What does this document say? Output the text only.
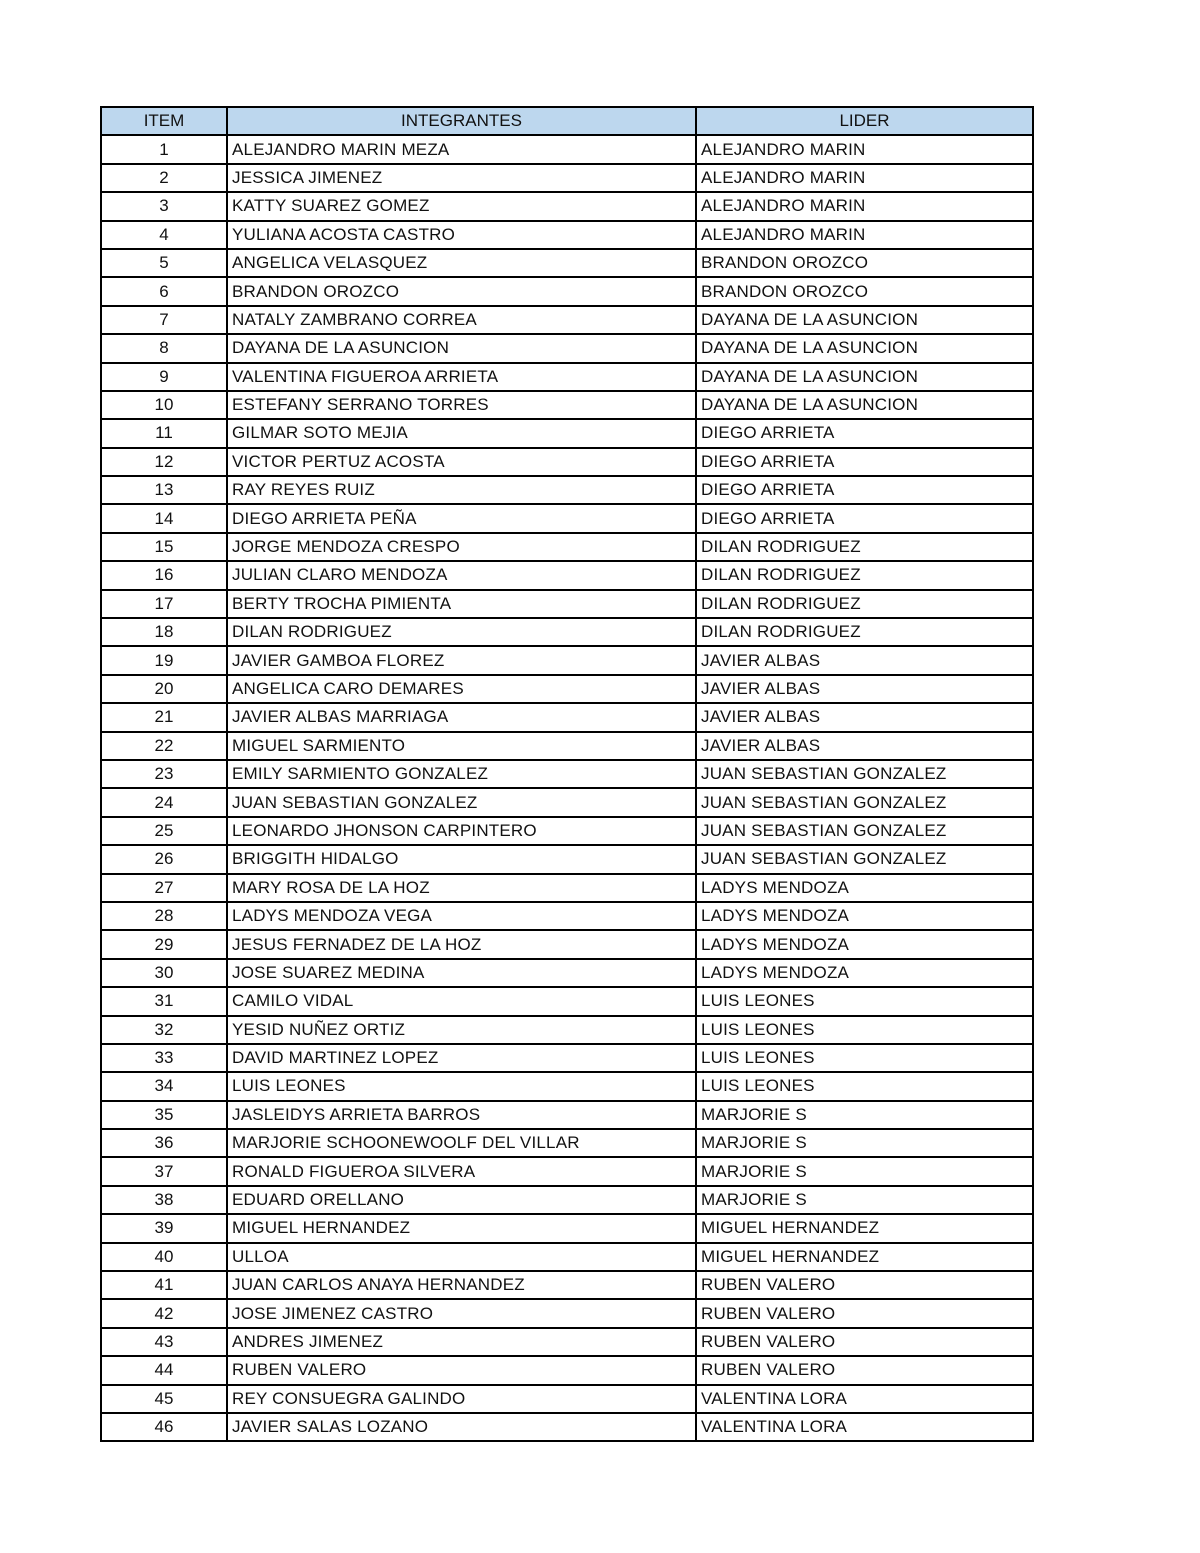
ITEM	INTEGRANTES	LIDER
1	ALEJANDRO MARIN MEZA	ALEJANDRO MARIN
2	JESSICA JIMENEZ	ALEJANDRO MARIN
3	KATTY SUAREZ GOMEZ	ALEJANDRO MARIN
4	YULIANA ACOSTA CASTRO	ALEJANDRO MARIN
5	ANGELICA VELASQUEZ	BRANDON OROZCO
6	BRANDON OROZCO	BRANDON OROZCO
7	NATALY ZAMBRANO CORREA	DAYANA DE LA ASUNCION
8	DAYANA DE LA ASUNCION	DAYANA DE LA ASUNCION
9	VALENTINA FIGUEROA ARRIETA	DAYANA DE LA ASUNCION
10	ESTEFANY SERRANO TORRES	DAYANA DE LA ASUNCION
11	GILMAR SOTO MEJIA	DIEGO ARRIETA
12	VICTOR PERTUZ ACOSTA	DIEGO ARRIETA
13	RAY REYES RUIZ	DIEGO ARRIETA
14	DIEGO ARRIETA PEÑA	DIEGO ARRIETA
15	JORGE MENDOZA CRESPO	DILAN RODRIGUEZ
16	JULIAN CLARO MENDOZA	DILAN RODRIGUEZ
17	BERTY TROCHA PIMIENTA	DILAN RODRIGUEZ
18	DILAN RODRIGUEZ	DILAN RODRIGUEZ
19	JAVIER GAMBOA FLOREZ	JAVIER ALBAS
20	ANGELICA CARO DEMARES	JAVIER ALBAS
21	JAVIER ALBAS MARRIAGA	JAVIER ALBAS
22	MIGUEL SARMIENTO	JAVIER ALBAS
23	EMILY SARMIENTO GONZALEZ	JUAN SEBASTIAN GONZALEZ
24	JUAN SEBASTIAN GONZALEZ	JUAN SEBASTIAN GONZALEZ
25	LEONARDO JHONSON CARPINTERO	JUAN SEBASTIAN GONZALEZ
26	BRIGGITH HIDALGO	JUAN SEBASTIAN GONZALEZ
27	MARY ROSA DE LA HOZ	LADYS MENDOZA
28	LADYS MENDOZA VEGA	LADYS MENDOZA
29	JESUS FERNADEZ DE LA HOZ	LADYS MENDOZA
30	JOSE SUAREZ MEDINA	LADYS MENDOZA
31	CAMILO VIDAL	LUIS LEONES
32	YESID NUÑEZ ORTIZ	LUIS LEONES
33	DAVID MARTINEZ LOPEZ	LUIS LEONES
34	LUIS LEONES	LUIS LEONES
35	JASLEIDYS ARRIETA BARROS	MARJORIE S
36	MARJORIE SCHOONEWOOLF DEL VILLAR	MARJORIE S
37	RONALD FIGUEROA SILVERA	MARJORIE S
38	EDUARD ORELLANO	MARJORIE S
39	MIGUEL HERNANDEZ	MIGUEL HERNANDEZ
40	ULLOA	MIGUEL HERNANDEZ
41	JUAN CARLOS ANAYA HERNANDEZ	RUBEN VALERO
42	JOSE JIMENEZ CASTRO	RUBEN VALERO
43	ANDRES JIMENEZ	RUBEN VALERO
44	RUBEN VALERO	RUBEN VALERO
45	REY CONSUEGRA GALINDO	VALENTINA LORA
46	JAVIER SALAS LOZANO	VALENTINA LORA
